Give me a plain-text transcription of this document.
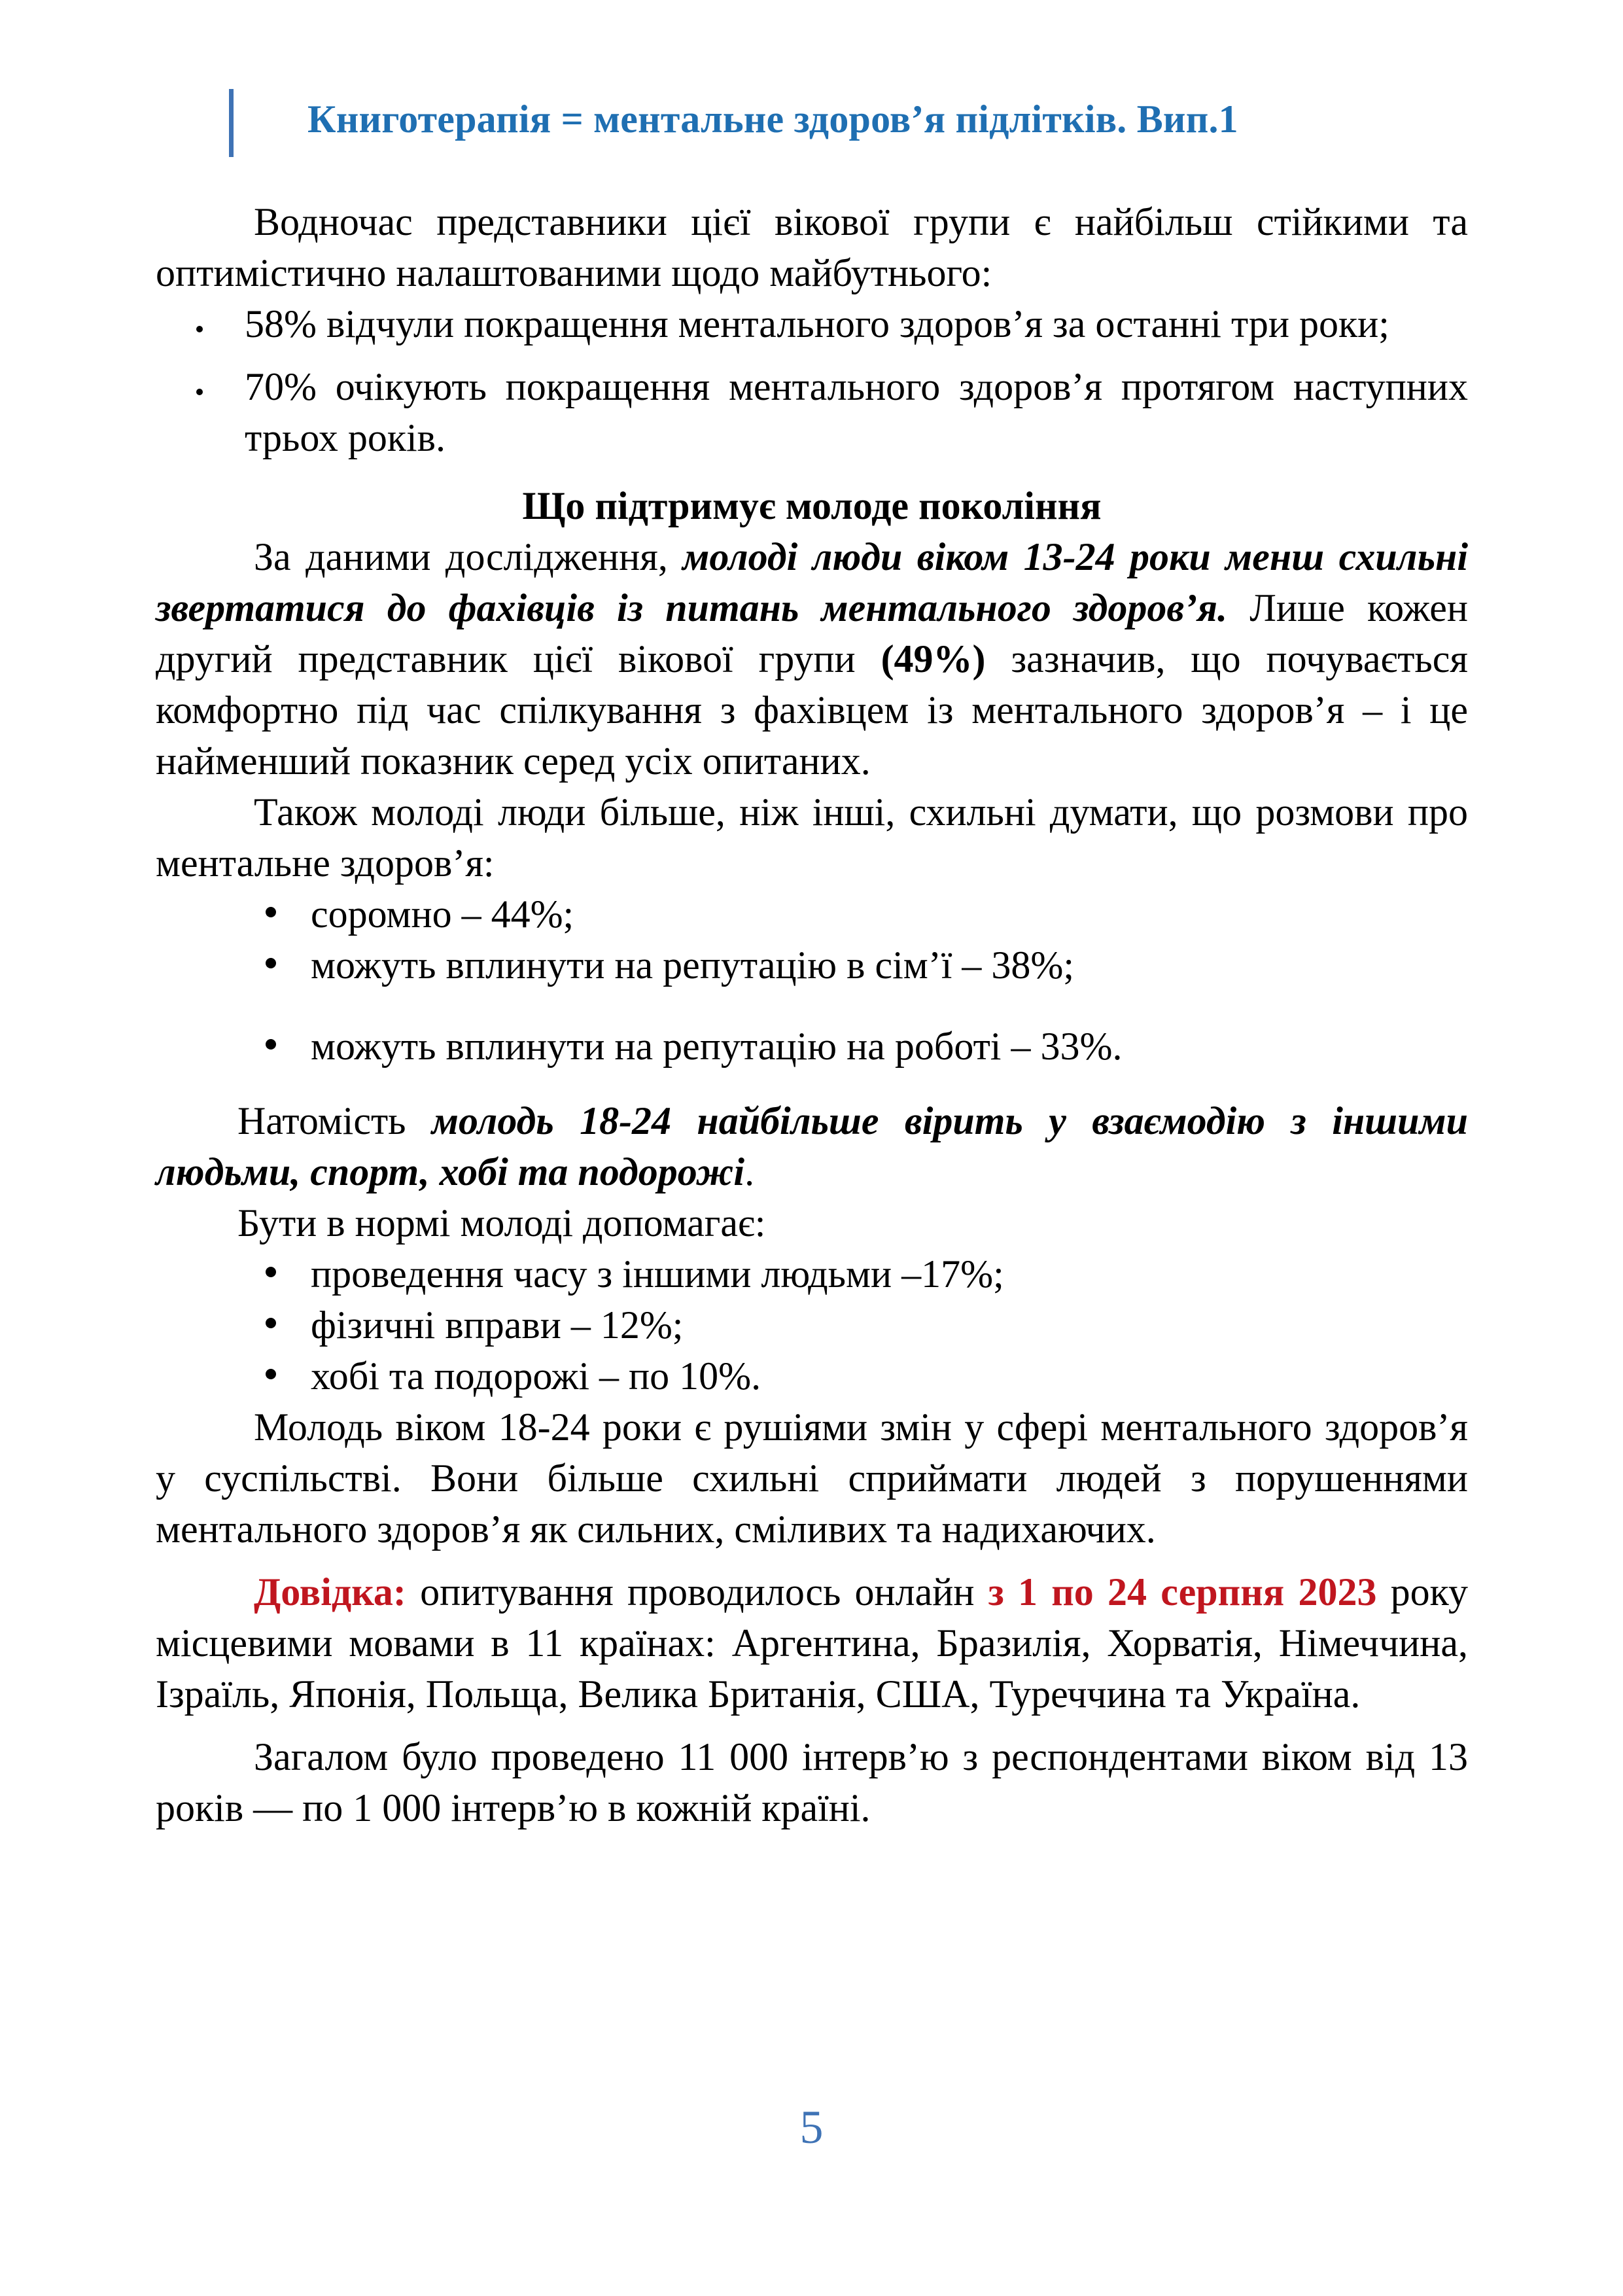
Книготерапія = ментальне здоров’я підлітків. Вип.1

Водночас представники цієї вікової групи є найбільш стійкими та оптимістично налаштованими щодо майбутнього:

58% відчули покращення ментального здоров’я за останні три роки;
70% очікують покращення ментального здоров’я протягом наступних трьох років.

Що підтримує молоде покоління

За даними дослідження, молоді люди віком 13-24 роки менш схильні звертатися до фахівців із питань ментального здоров’я. Лише кожен другий представник цієї вікової групи (49%) зазначив, що почувається комфортно під час спілкування з фахівцем із ментального здоров’я – і це найменший показник серед усіх опитаних.

Також молоді люди більше, ніж інші, схильні думати, що розмови про ментальне здоров’я:

соромно – 44%;
можуть вплинути на репутацію в сім’ї – 38%;
можуть вплинути на репутацію на роботі – 33%.

Натомість молодь 18-24 найбільше вірить у взаємодію з іншими людьми, спорт, хобі та подорожі.

Бути в нормі молоді допомагає:

проведення часу з іншими людьми –17%;
фізичні вправи – 12%;
хобі та подорожі – по 10%.

Молодь віком 18-24 роки є рушіями змін у сфері ментального здоров’я у суспільстві. Вони більше схильні сприймати людей з порушеннями ментального здоров’я як сильних, сміливих та надихаючих.

Довідка: опитування проводилось онлайн з 1 по 24 серпня 2023 року місцевими мовами в 11 країнах: Аргентина, Бразилія, Хорватія, Німеччина, Ізраїль, Японія, Польща, Велика Британія, США, Туреччина та Україна.

Загалом було проведено 11 000 інтерв’ю з респондентами віком від 13 років — по 1 000 інтерв’ю в кожній країні.

5
